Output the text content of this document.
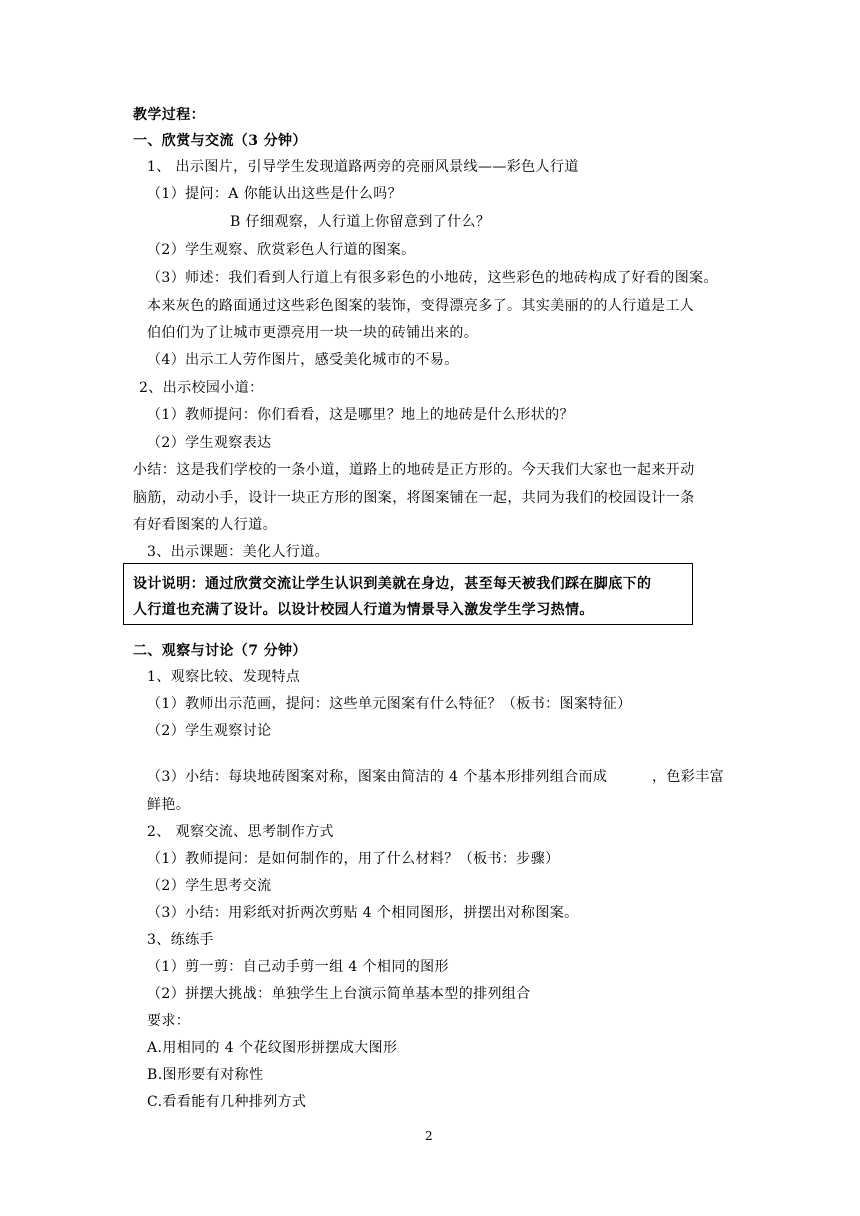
教学过程：
一、欣赏与交流（3 分钟）
1、 出示图片，引导学生发现道路两旁的亮丽风景线——彩色人行道
（1）提问：A 你能认出这些是什么吗？
B 仔细观察，人行道上你留意到了什么？
（2）学生观察、欣赏彩色人行道的图案。
（3）师述：我们看到人行道上有很多彩色的小地砖，这些彩色的地砖构成了好看的图案。
本来灰色的路面通过这些彩色图案的装饰，变得漂亮多了。其实美丽的的人行道是工人
伯伯们为了让城市更漂亮用一块一块的砖铺出来的。
（4）出示工人劳作图片，感受美化城市的不易。
2、出示校园小道：
（1）教师提问：你们看看，这是哪里？地上的地砖是什么形状的？
（2）学生观察表达
小结：这是我们学校的一条小道，道路上的地砖是正方形的。今天我们大家也一起来开动
脑筋，动动小手，设计一块正方形的图案，将图案铺在一起，共同为我们的校园设计一条
有好看图案的人行道。
3、出示课题：美化人行道。
设计说明：通过欣赏交流让学生认识到美就在身边，甚至每天被我们踩在脚底下的
人行道也充满了设计。以设计校园人行道为情景导入激发学生学习热情。
二、观察与讨论（7 分钟）
1、观察比较、发现特点
（1）教师出示范画，提问：这些单元图案有什么特征？（板书：图案特征）
（2）学生观察讨论
（3）小结：每块地砖图案对称，图案由简洁的 4 个基本形排列组合而成	，色彩丰富
鲜艳。
2、 观察交流、思考制作方式
（1）教师提问：是如何制作的，用了什么材料？（板书：步骤）
（2）学生思考交流
（3）小结：用彩纸对折两次剪贴 4 个相同图形，拼摆出对称图案。
3、练练手
（1）剪一剪：自己动手剪一组 4 个相同的图形
（2）拼摆大挑战：单独学生上台演示简单基本型的排列组合
要求：
A.用相同的 4 个花纹图形拼摆成大图形
B.图形要有对称性
C.看看能有几种排列方式
2
